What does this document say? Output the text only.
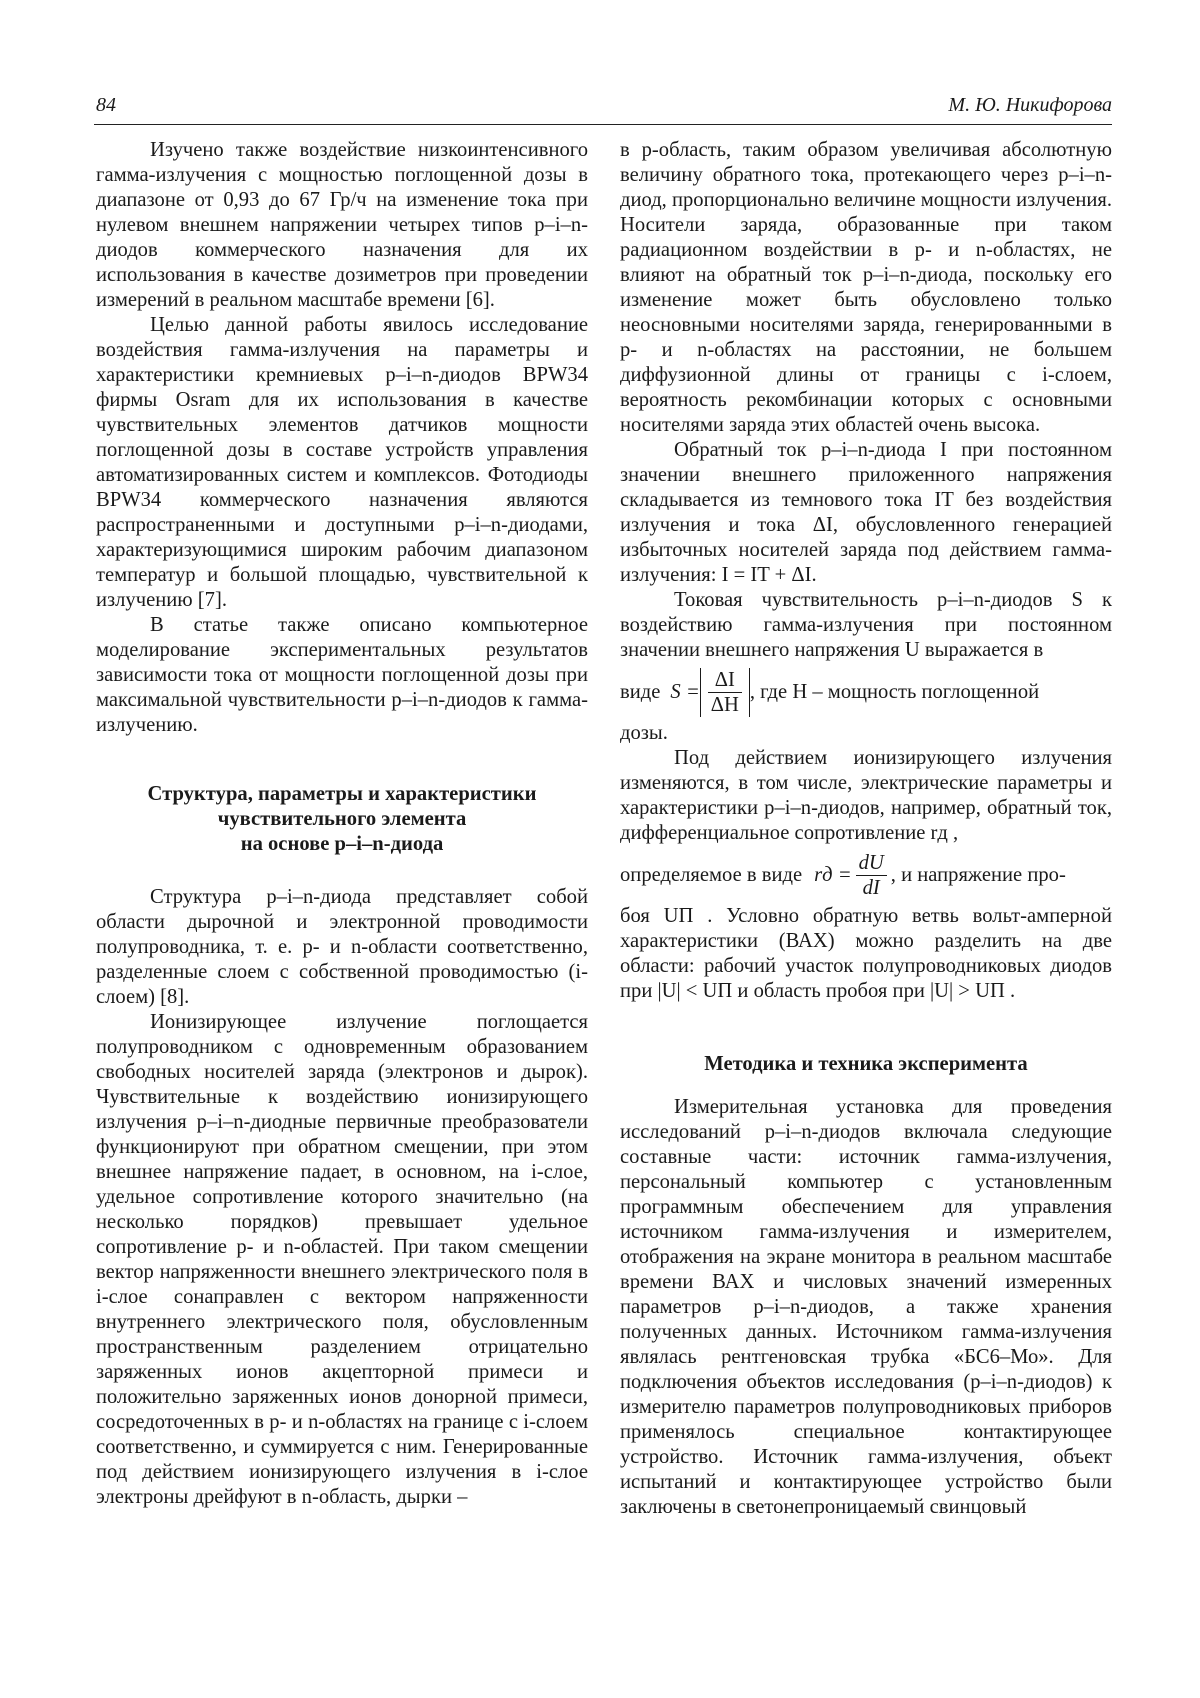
84	М. Ю. Никифорова

Изучено также воздействие низкоинтенсивного гамма-излучения с мощностью поглощенной дозы в диапазоне от 0,93 до 67 Гр/ч на изменение тока при нулевом внешнем напряжении четырех типов p–i–n-диодов коммерческого назначения для их использования в качестве дозиметров при проведении измерений в реальном масштабе времени [6].

Целью данной работы явилось исследование воздействия гамма-излучения на параметры и характеристики кремниевых p–i–n-диодов BPW34 фирмы Osram для их использования в качестве чувствительных элементов датчиков мощности поглощенной дозы в составе устройств управления автоматизированных систем и комплексов. Фотодиоды BPW34 коммерческого назначения являются распространенными и доступными p–i–n-диодами, характеризующимися широким рабочим диапазоном температур и большой площадью, чувствительной к излучению [7].

В статье также описано компьютерное моделирование экспериментальных результатов зависимости тока от мощности поглощенной дозы при максимальной чувствительности p–i–n-диодов к гамма-излучению.

Структура, параметры и характеристики
чувствительного элемента
на основе p–i–n-диода

Структура p–i–n-диода представляет собой области дырочной и электронной проводимости полупроводника, т. е. p- и n-области соответственно, разделенные слоем с собственной проводимостью (i-слоем) [8].

Ионизирующее излучение поглощается полупроводником с одновременным образованием свободных носителей заряда (электронов и дырок). Чувствительные к воздействию ионизирующего излучения p–i–n-диодные первичные преобразователи функционируют при обратном смещении, при этом внешнее напряжение падает, в основном, на i-слое, удельное сопротивление которого значительно (на несколько порядков) превышает удельное сопротивление p- и n-областей. При таком смещении вектор напряженности внешнего электрического поля в i-слое сонаправлен с вектором напряженности внутреннего электрического поля, обусловленным пространственным разделением отрицательно заряженных ионов акцепторной примеси и положительно заряженных ионов донорной примеси, сосредоточенных в p- и n-областях на границе с i-слоем соответственно, и суммируется с ним. Генерированные под действием ионизирующего излучения в i-слое электроны дрейфуют в n-область, дырки –

в p-область, таким образом увеличивая абсолютную величину обратного тока, протекающего через p–i–n-диод, пропорционально величине мощности излучения. Носители заряда, образованные при таком радиационном воздействии в p- и n-областях, не влияют на обратный ток p–i–n-диода, поскольку его изменение может быть обусловлено только неосновными носителями заряда, генерированными в p- и n-областях на расстоянии, не большем диффузионной длины от границы с i-слоем, вероятность рекомбинации которых с основными носителями заряда этих областей очень высока.

Обратный ток p–i–n-диода I при постоянном значении внешнего приложенного напряжения складывается из темнового тока IT без воздействия излучения и тока ΔI, обусловленного генерацией избыточных носителей заряда под действием гамма-излучения: I = IT + ΔI.

Токовая чувствительность p–i–n-диодов S к воздействию гамма-излучения при постоянном значении внешнего напряжения U выражается в

виде $S = \frac{\Delta I}{\Delta H}$ , где H – мощность поглощенной

дозы.

Под действием ионизирующего излучения изменяются, в том числе, электрические параметры и характеристики p–i–n-диодов, например, обратный ток, дифференциальное сопротивление rд ,

определяемое в виде rд = $\frac{dU}{dI}$ , и напряжение про-

боя UП . Условно обратную ветвь вольт-амперной характеристики (ВАХ) можно разделить на две области: рабочий участок полупроводниковых диодов при |U| < UП и область пробоя при |U| > UП .

Методика и техника эксперимента

Измерительная установка для проведения исследований p–i–n-диодов включала следующие составные части: источник гамма-излучения, персональный компьютер с установленным программным обеспечением для управления источником гамма-излучения и измерителем, отображения на экране монитора в реальном масштабе времени ВАХ и числовых значений измеренных параметров p–i–n-диодов, а также хранения полученных данных. Источником гамма-излучения являлась рентгеновская трубка «БС6–Мо». Для подключения объектов исследования (p–i–n-диодов) к измерителю параметров полупроводниковых приборов применялось специальное контактирующее устройство. Источник гамма-излучения, объект испытаний и контактирующее устройство были заключены в светонепроницаемый свинцовый
